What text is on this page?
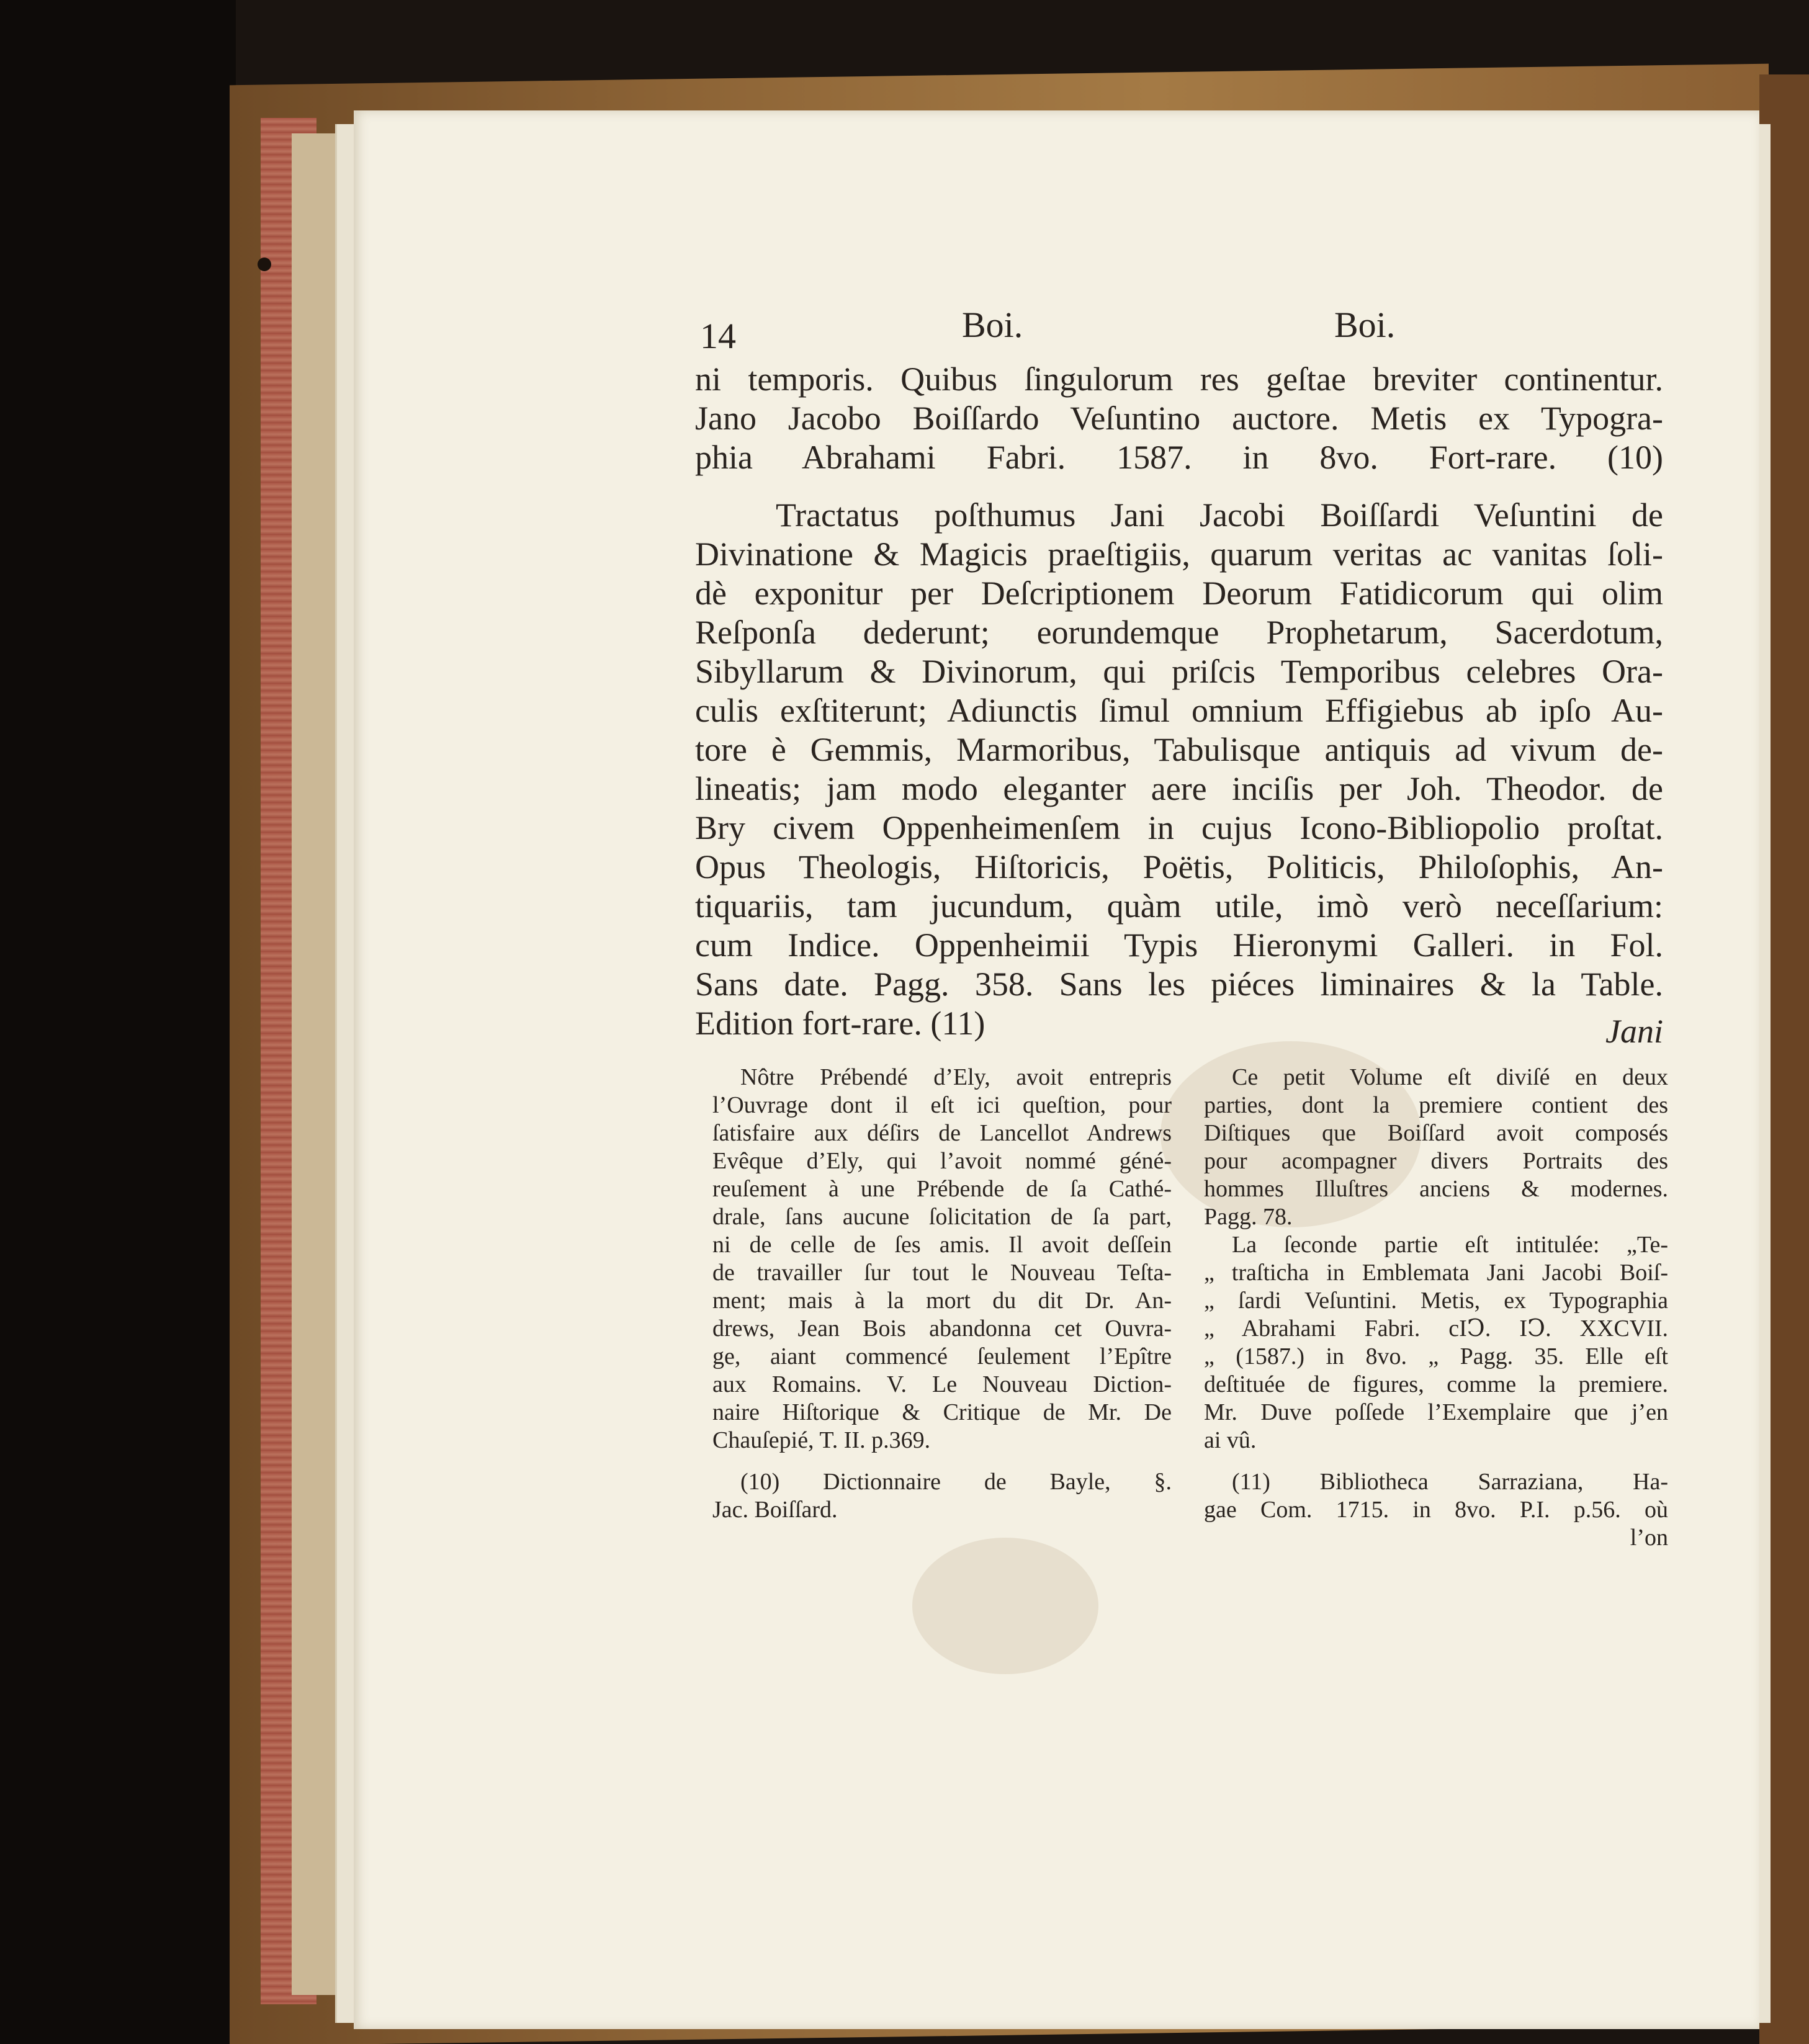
14	Boi.	Boi.

ni temporis. Quibus ſingulorum res geſtae breviter continentur.

Jano Jacobo Boiſſardo Veſuntino auctore. Metis ex Typogra-

phia Abrahami Fabri. 1587. in 8vo. Fort-rare. (10)

Tractatus poſthumus Jani Jacobi Boiſſardi Veſuntini de

Divinatione & Magicis praeſtigiis, quarum veritas ac vanitas ſoli-

dè exponitur per Deſcriptionem Deorum Fatidicorum qui olim

Reſponſa dederunt; eorundemque Prophetarum, Sacerdotum,

Sibyllarum & Divinorum, qui priſcis Temporibus celebres Ora-

culis exſtiterunt; Adiunctis ſimul omnium Effigiebus ab ipſo Au-

tore è Gemmis, Marmoribus, Tabulisque antiquis ad vivum de-

lineatis; jam modo eleganter aere inciſis per Joh. Theodor. de

Bry civem Oppenheimenſem in cujus Icono-Bibliopolio proſtat.

Opus Theologis, Hiſtoricis, Poëtis, Politicis, Philoſophis, An-

tiquariis, tam jucundum, quàm utile, imò verò neceſſarium:

cum Indice. Oppenheimii Typis Hieronymi Galleri. in Fol.

Sans date. Pagg. 358. Sans les piéces liminaires & la Table.

Edition fort-rare. (11)	Jani

Nôtre Prébendé d’Ely, avoit entrepris

l’Ouvrage dont il eſt ici queſtion, pour

ſatisfaire aux déſirs de Lancellot Andrews

Evêque d’Ely, qui l’avoit nommé géné-

reuſement à une Prébende de ſa Cathé-

drale, ſans aucune ſolicitation de ſa part,

ni de celle de ſes amis. Il avoit deſſein

de travailler ſur tout le Nouveau Teſta-

ment; mais à la mort du dit Dr. An-

drews, Jean Bois abandonna cet Ouvra-

ge, aiant commencé ſeulement l’Epître

aux Romains. V. Le Nouveau Diction-

naire Hiſtorique & Critique de Mr. De

Chauſepié, T. II. p.369.

(10) Dictionnaire de Bayle, §.

Jac. Boiſſard.

Ce petit Volume eſt diviſé en deux

parties, dont la premiere contient des

Diſtiques que Boiſſard avoit composés

pour acompagner divers Portraits des

hommes Illuſtres anciens & modernes.

Pagg. 78.

La ſeconde partie eſt intitulée: „Te-

„ traſticha in Emblemata Jani Jacobi Boiſ-

„ ſardi Veſuntini. Metis, ex Typographia

„ Abrahami Fabri. cIↃ. IↃ. XXCVII.

„ (1587.) in 8vo. „ Pagg. 35. Elle eſt

deſtituée de figures, comme la premiere.

Mr. Duve poſſede l’Exemplaire que j’en

ai vû.

(11) Bibliotheca Sarraziana, Ha-

gae Com. 1715. in 8vo. P.I. p.56. où

l’on
